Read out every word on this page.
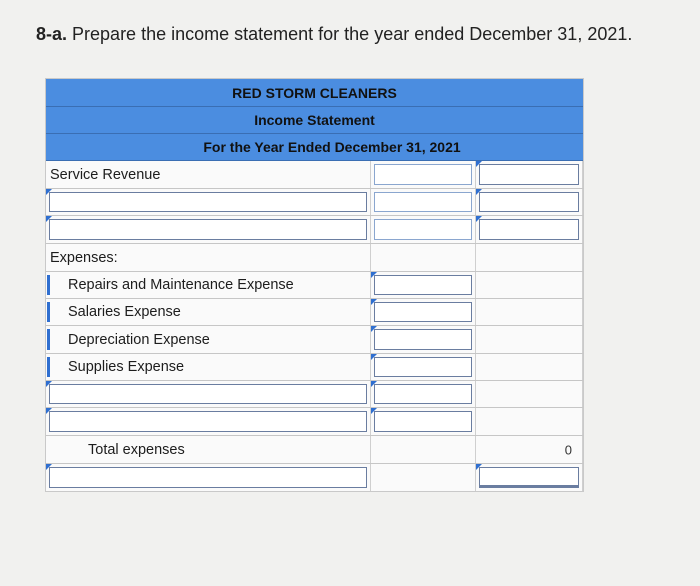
8-a. Prepare the income statement for the year ended December 31, 2021.
RED STORM CLEANERS
Income Statement
For the Year Ended December 31, 2021
Service Revenue
Expenses:
Repairs and Maintenance Expense
Salaries Expense
Depreciation Expense
Supplies Expense
Total expenses	0
